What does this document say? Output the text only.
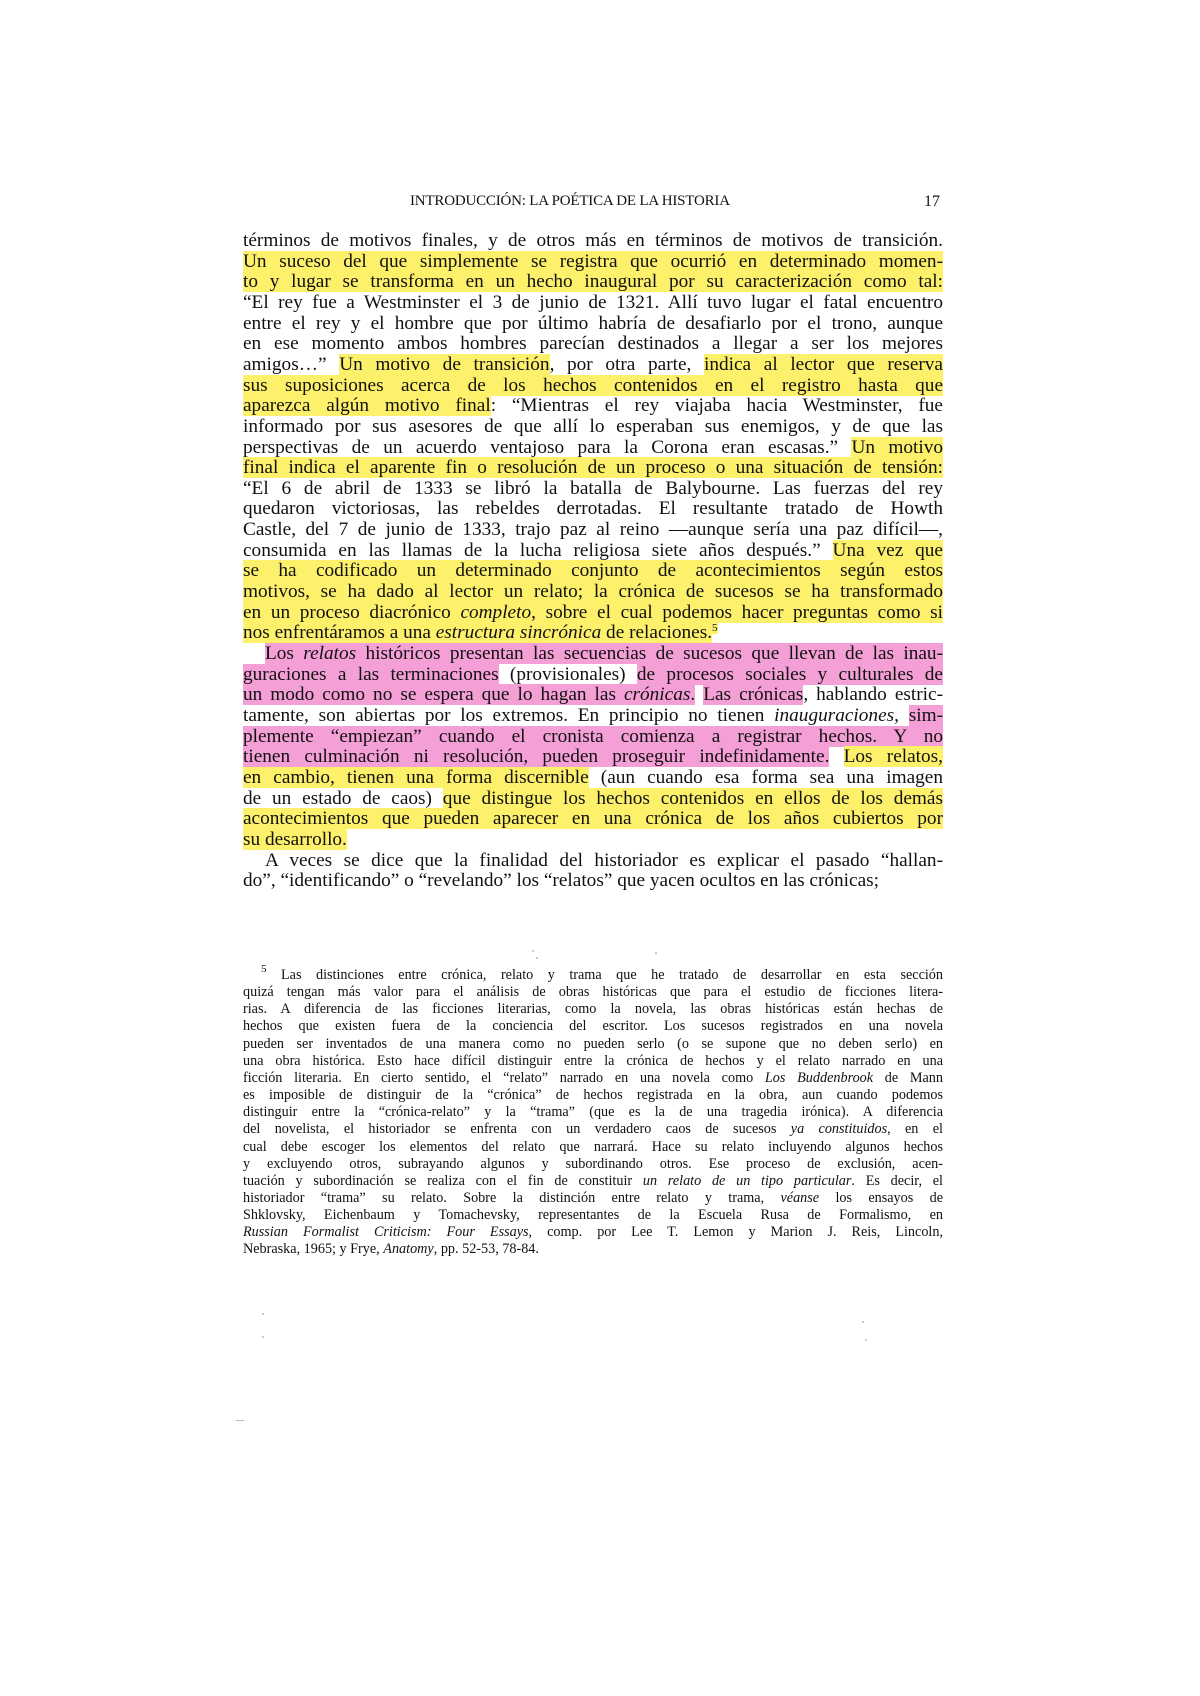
INTRODUCCIÓN: LA POÉTICA DE LA HISTORIA	17
términos de motivos finales, y de otros más en términos de motivos de transición.
Un suceso del que simplemente se registra que ocurrió en determinado momen-
to y lugar se transforma en un hecho inaugural por su caracterización como tal:
“El rey fue a Westminster el 3 de junio de 1321. Allí tuvo lugar el fatal encuentro
entre el rey y el hombre que por último habría de desafiarlo por el trono, aunque
en ese momento ambos hombres parecían destinados a llegar a ser los mejores
amigos…” Un motivo de transición, por otra parte, indica al lector que reserva
sus suposiciones acerca de los hechos contenidos en el registro hasta que
aparezca algún motivo final: “Mientras el rey viajaba hacia Westminster, fue
informado por sus asesores de que allí lo esperaban sus enemigos, y de que las
perspectivas de un acuerdo ventajoso para la Corona eran escasas.” Un motivo
final indica el aparente fin o resolución de un proceso o una situación de tensión:
“El 6 de abril de 1333 se libró la batalla de Balybourne. Las fuerzas del rey
quedaron victoriosas, las rebeldes derrotadas. El resultante tratado de Howth
Castle, del 7 de junio de 1333, trajo paz al reino —aunque sería una paz difícil—,
consumida en las llamas de la lucha religiosa siete años después.” Una vez que
se ha codificado un determinado conjunto de acontecimientos según estos
motivos, se ha dado al lector un relato; la crónica de sucesos se ha transformado
en un proceso diacrónico completo, sobre el cual podemos hacer preguntas como si
nos enfrentáramos a una estructura sincrónica de relaciones.$^5$
Los relatos históricos presentan las secuencias de sucesos que llevan de las inau-
guraciones a las terminaciones (provisionales) de procesos sociales y culturales de
un modo como no se espera que lo hagan las crónicas. Las crónicas, hablando estric-
tamente, son abiertas por los extremos. En principio no tienen inauguraciones, sim-
plemente “empiezan” cuando el cronista comienza a registrar hechos. Y no
tienen culminación ni resolución, pueden proseguir indefinidamente. Los relatos,
en cambio, tienen una forma discernible (aun cuando esa forma sea una imagen
de un estado de caos) que distingue los hechos contenidos en ellos de los demás
acontecimientos que pueden aparecer en una crónica de los años cubiertos por
su desarrollo.
A veces se dice que la finalidad del historiador es explicar el pasado “hallan-
do”, “identificando” o “revelando” los “relatos” que yacen ocultos en las crónicas;
$^5$ Las distinciones entre crónica, relato y trama que he tratado de desarrollar en esta sección
quizá tengan más valor para el análisis de obras históricas que para el estudio de ficciones litera-
rias. A diferencia de las ficciones literarias, como la novela, las obras históricas están hechas de
hechos que existen fuera de la conciencia del escritor. Los sucesos registrados en una novela
pueden ser inventados de una manera como no pueden serlo (o se supone que no deben serlo) en
una obra histórica. Esto hace difícil distinguir entre la crónica de hechos y el relato narrado en una
ficción literaria. En cierto sentido, el “relato” narrado en una novela como Los Buddenbrook de Mann
es imposible de distinguir de la “crónica” de hechos registrada en la obra, aun cuando podemos
distinguir entre la “crónica-relato” y la “trama” (que es la de una tragedia irónica). A diferencia
del novelista, el historiador se enfrenta con un verdadero caos de sucesos ya constituidos, en el
cual debe escoger los elementos del relato que narrará. Hace su relato incluyendo algunos hechos
y excluyendo otros, subrayando algunos y subordinando otros. Ese proceso de exclusión, acen-
tuación y subordinación se realiza con el fin de constituir un relato de un tipo particular. Es decir, el
historiador “trama” su relato. Sobre la distinción entre relato y trama, véanse los ensayos de
Shklovsky, Eichenbaum y Tomachevsky, representantes de la Escuela Rusa de Formalismo, en
Russian Formalist Criticism: Four Essays, comp. por Lee T. Lemon y Marion J. Reis, Lincoln,
Nebraska, 1965; y Frye, Anatomy, pp. 52-53, 78-84.
